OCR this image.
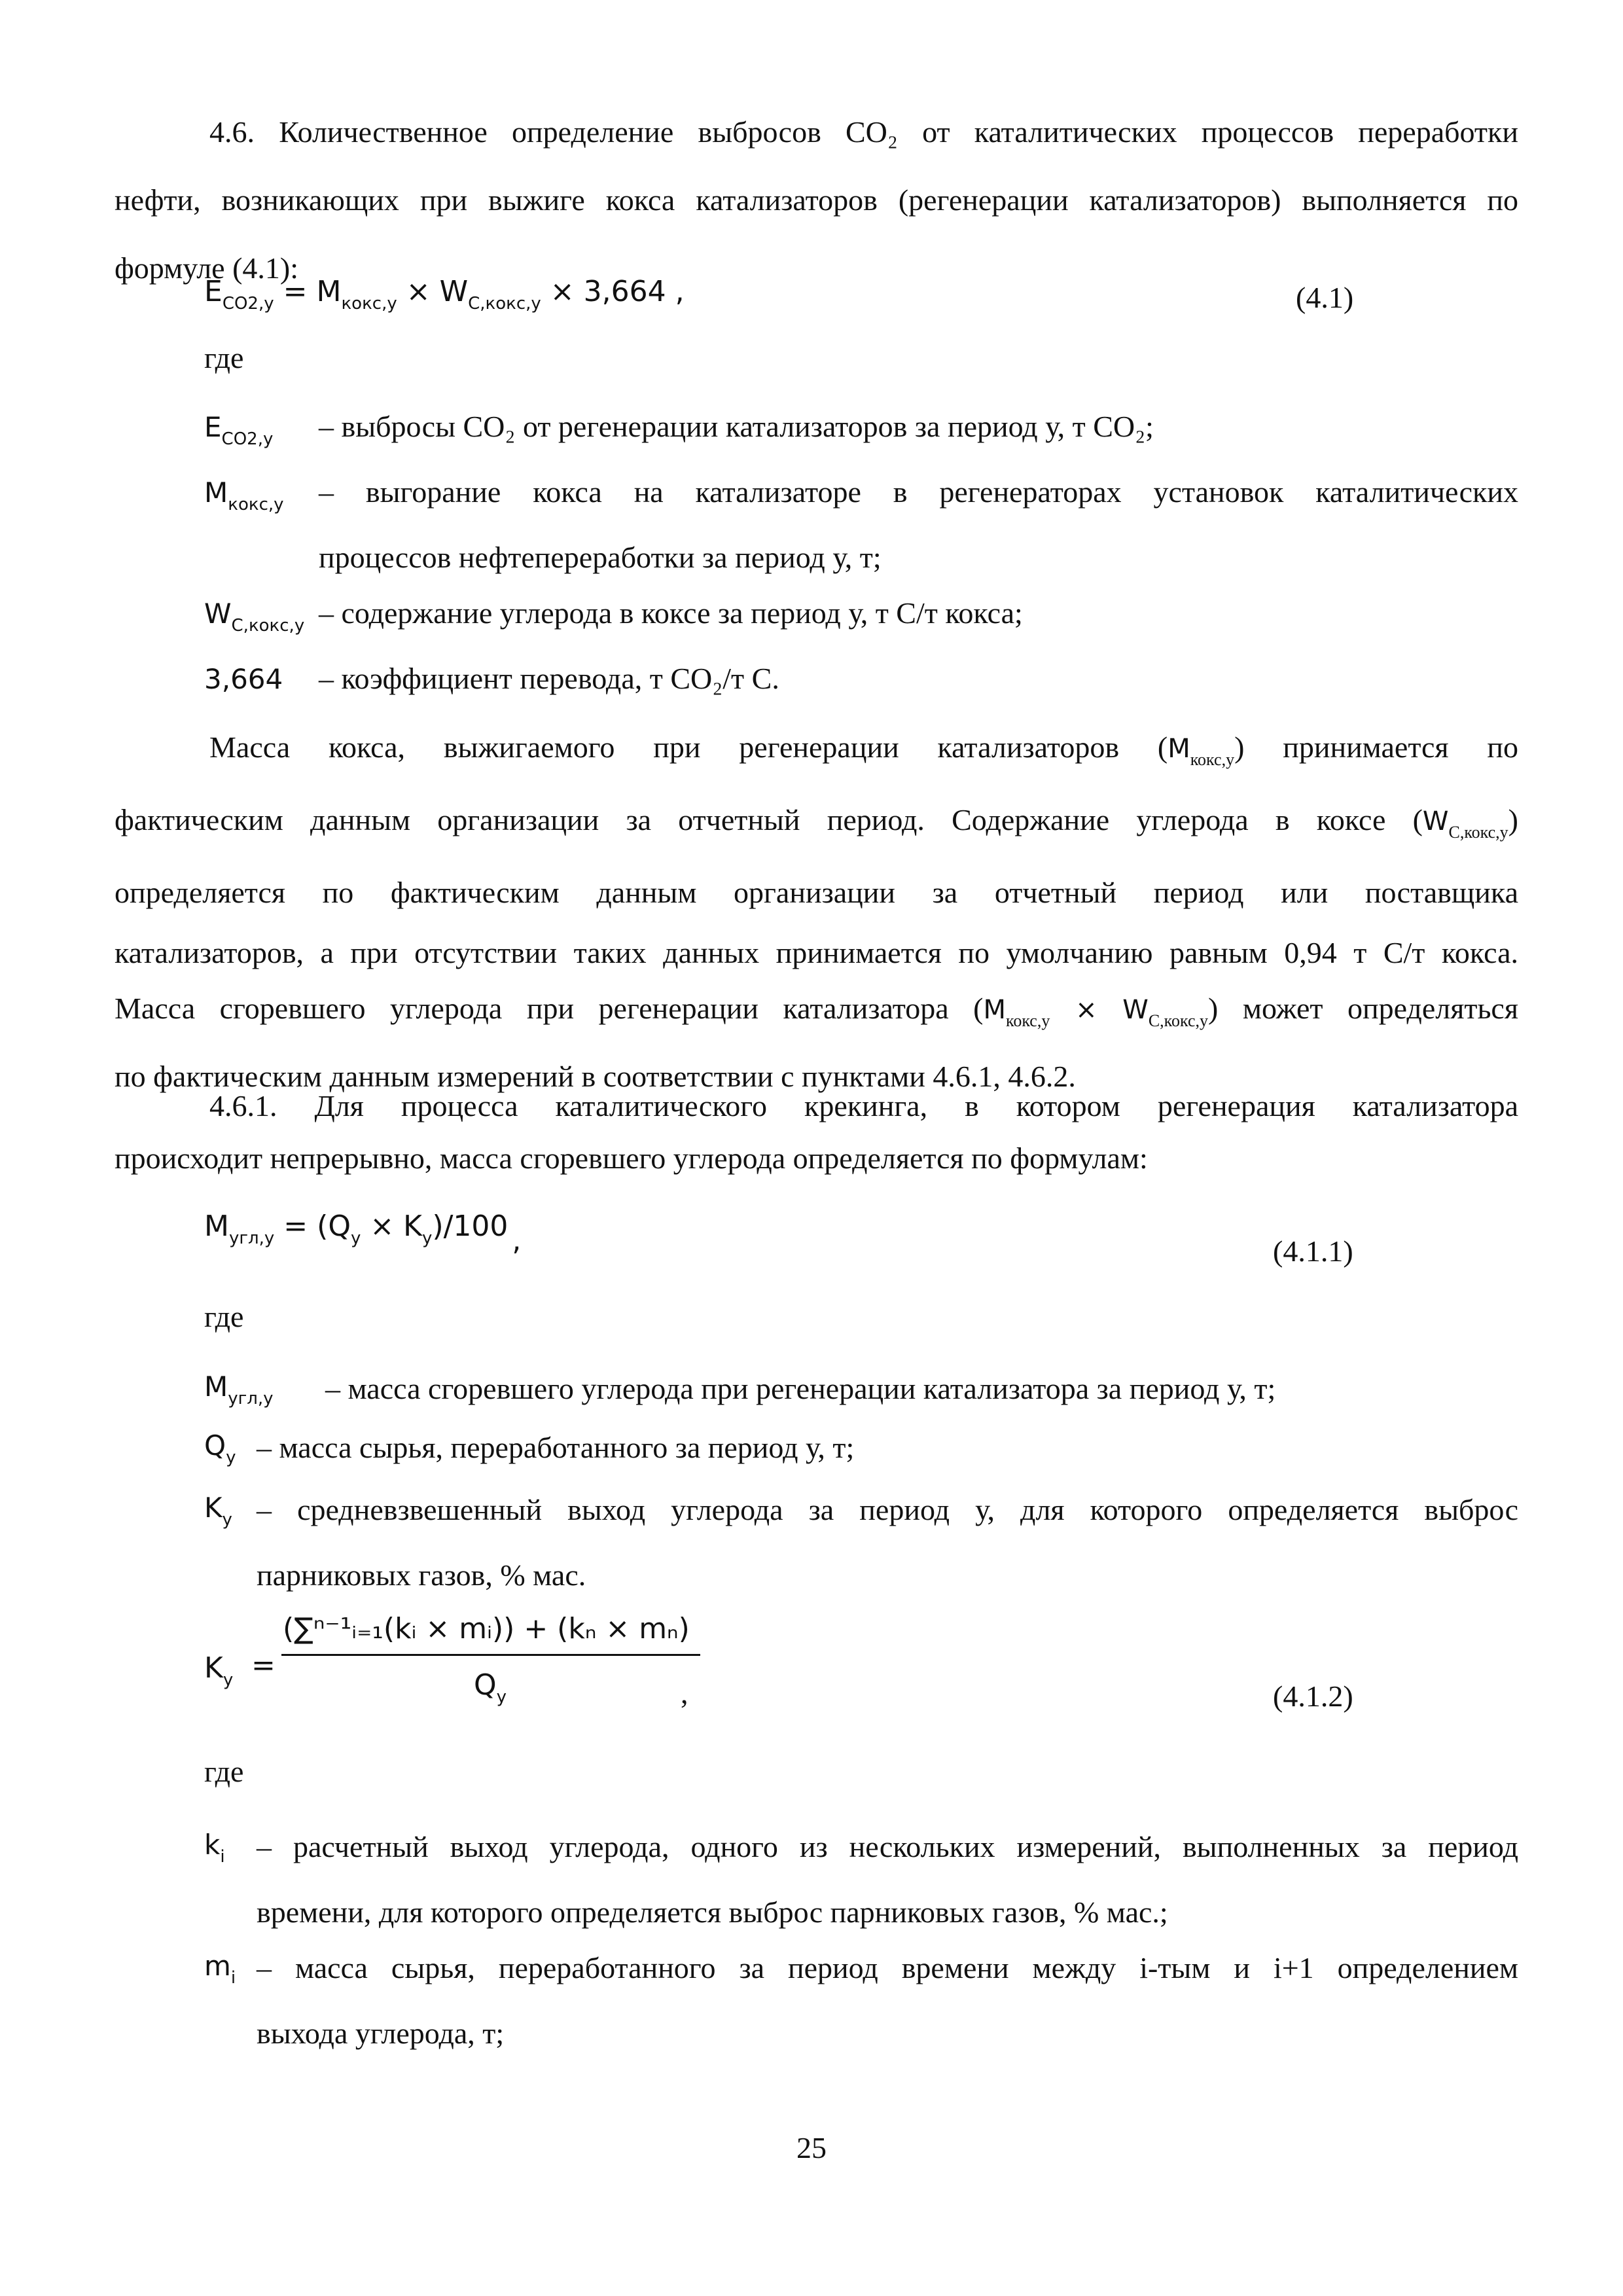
4.6. Количественное определение выбросов СО₂ от каталитических процессов переработки
нефти, возникающих при выжиге кокса катализаторов (регенерации катализаторов) выполняется по
формуле (4.1):
$E_{CO2,y} = M_{кокс,y} \times W_{С,кокс,y} \times 3,664$ ,	(4.1)
где
$E_{CO2,y}$ – выбросы СО₂ от регенерации катализаторов за период у, т СО₂;
$M_{кокс,у}$ – выгорание кокса на катализаторе в регенераторах установок каталитических
процессов нефтепереработки за период у, т;
$W_{С,кокс,у}$ – содержание углерода в коксе за период у, т С/т кокса;
3,664 – коэффициент перевода, т СО₂/т С.
Масса кокса, выжигаемого при регенерации катализаторов $(M_{кокс,у})$ принимается по
фактическим данным организации за отчетный период. Содержание углерода в коксе $(W_{С,кокс,у})$
определяется по фактическим данным организации за отчетный период или поставщика
катализаторов, а при отсутствии таких данных принимается по умолчанию равным 0,94 т С/т кокса.
Масса сгоревшего углерода при регенерации катализатора $(M_{кокс,у} \times W_{С,кокс,у})$ может определяться
по фактическим данным измерений в соответствии с пунктами 4.6.1, 4.6.2.
4.6.1. Для процесса каталитического крекинга, в котором регенерация катализатора
происходит непрерывно, масса сгоревшего углерода определяется по формулам:
$M_{угл,y} = (Q_y \times K_y)/100$ ,	(4.1.1)
где
$M_{угл,у}$ – масса сгоревшего углерода при регенерации катализатора за период у, т;
$Q_y$ – масса сырья, переработанного за период у, т;
$K_y$ – средневзвешенный выход углерода за период у, для которого определяется выброс
парниковых газов, % мас.
$K_y$ =
(∑ⁿ⁻¹ᵢ₌₁(kᵢ × mᵢ)) + (kₙ × mₙ)
$Q_y$	,	(4.1.2)
где
$k_i$ – расчетный выход углерода, одного из нескольких измерений, выполненных за период
времени, для которого определяется выброс парниковых газов, % мас.;
$m_i$ – масса сырья, переработанного за период времени между i-тым и i+1 определением
выхода углерода, т;
25
